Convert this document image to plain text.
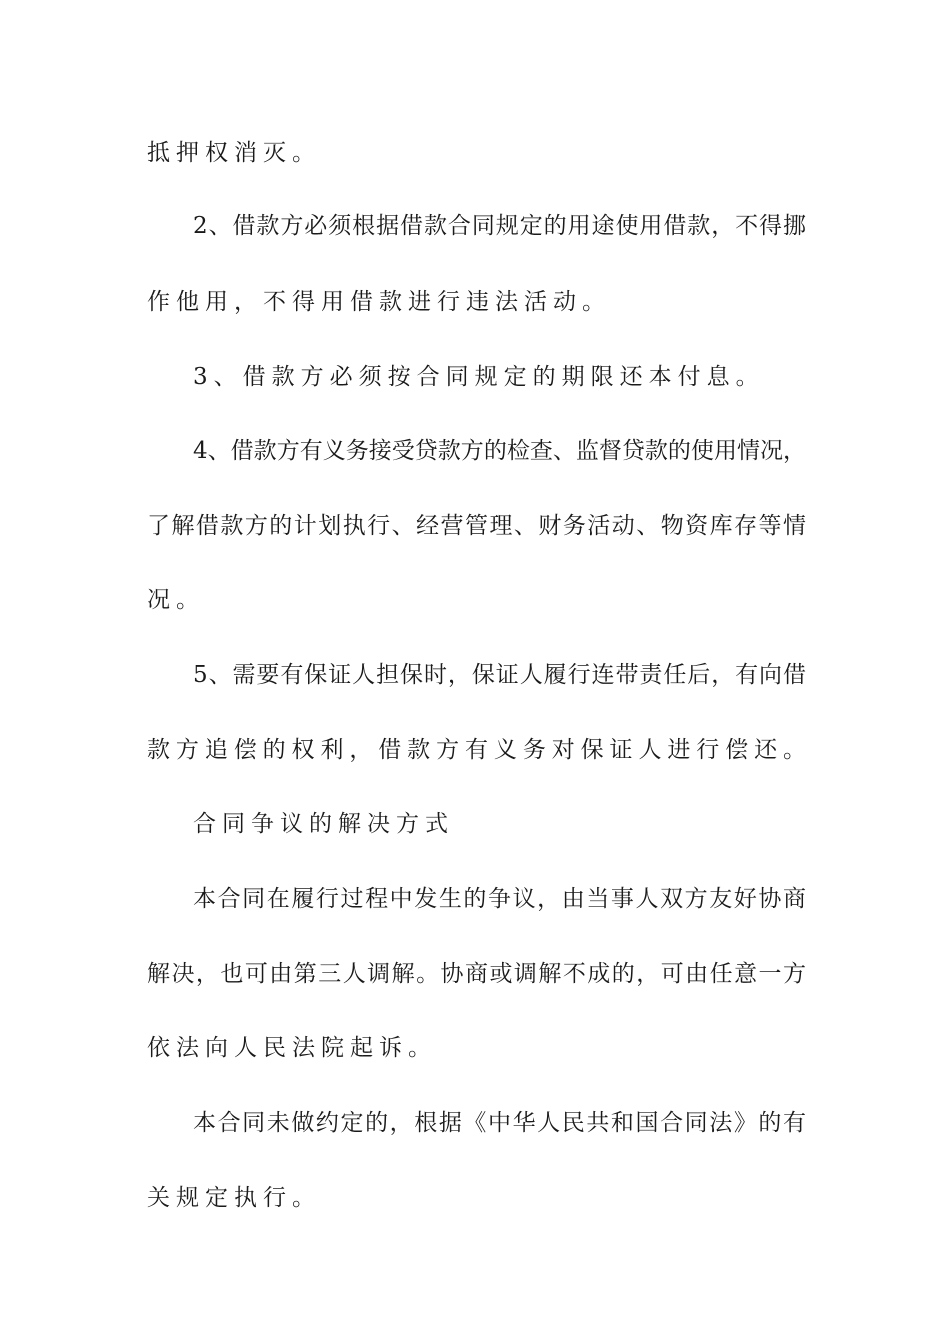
抵押权消灭。
2、借款方必须根据借款合同规定的用途使用借款，不得挪
作他用，不得用借款进行违法活动。
3、借款方必须按合同规定的期限还本付息。
4、借款方有义务接受贷款方的检查、监督贷款的使用情况，
了解借款方的计划执行、经营管理、财务活动、物资库存等情
况。
5、需要有保证人担保时，保证人履行连带责任后，有向借
款方追偿的权利，借款方有义务对保证人进行偿还。
合同争议的解决方式
本合同在履行过程中发生的争议，由当事人双方友好协商
解决，也可由第三人调解。协商或调解不成的，可由任意一方
依法向人民法院起诉。
本合同未做约定的，根据《中华人民共和国合同法》的有
关规定执行。
